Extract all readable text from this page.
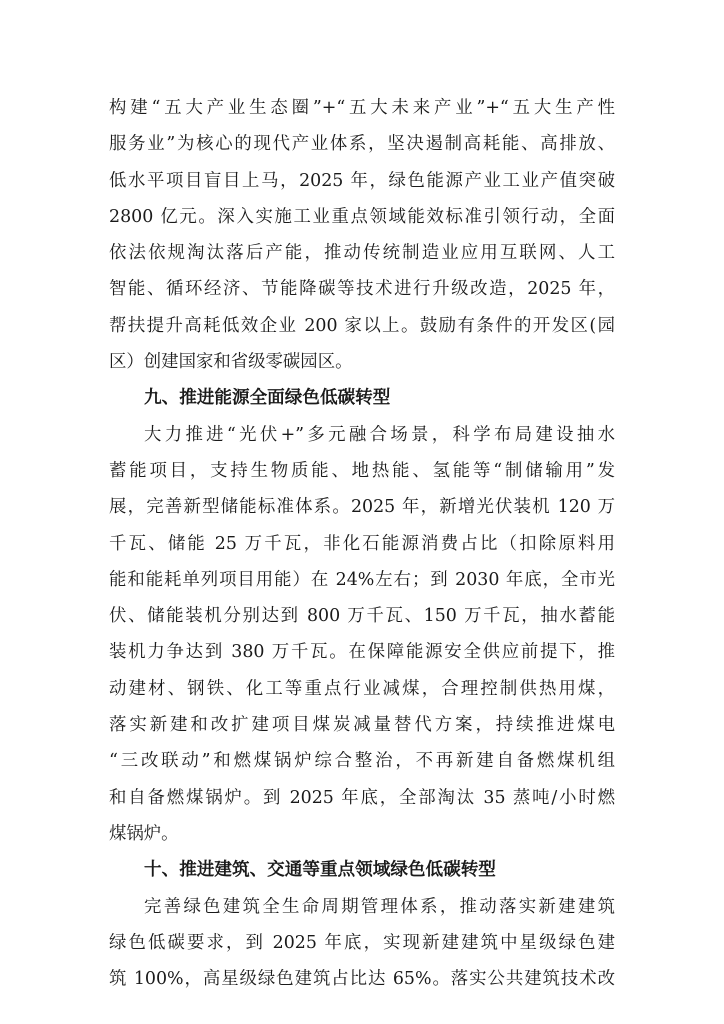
构建“五大产业生态圈”+“五大未来产业”+“五大生产性
服务业”为核心的现代产业体系，坚决遏制高耗能、高排放、
低水平项目盲目上马，2025 年，绿色能源产业工业产值突破
2800 亿元。深入实施工业重点领域能效标准引领行动，全面
依法依规淘汰落后产能，推动传统制造业应用互联网、人工
智能、循环经济、节能降碳等技术进行升级改造，2025 年，
帮扶提升高耗低效企业 200 家以上。鼓励有条件的开发区(园
区）创建国家和省级零碳园区。
九、推进能源全面绿色低碳转型
大力推进“光伏+”多元融合场景，科学布局建设抽水
蓄能项目，支持生物质能、地热能、氢能等“制储输用”发
展，完善新型储能标准体系。2025 年，新增光伏装机 120 万
千瓦、储能 25 万千瓦，非化石能源消费占比（扣除原料用
能和能耗单列项目用能）在 24%左右；到 2030 年底，全市光
伏、储能装机分别达到 800 万千瓦、150 万千瓦，抽水蓄能
装机力争达到 380 万千瓦。在保障能源安全供应前提下，推
动建材、钢铁、化工等重点行业减煤，合理控制供热用煤，
落实新建和改扩建项目煤炭减量替代方案，持续推进煤电
“三改联动”和燃煤锅炉综合整治，不再新建自备燃煤机组
和自备燃煤锅炉。到 2025 年底，全部淘汰 35 蒸吨/小时燃
煤锅炉。
十、推进建筑、交通等重点领域绿色低碳转型
完善绿色建筑全生命周期管理体系，推动落实新建建筑
绿色低碳要求，到 2025 年底，实现新建建筑中星级绿色建
筑 100%，高星级绿色建筑占比达 65%。落实公共建筑技术改
